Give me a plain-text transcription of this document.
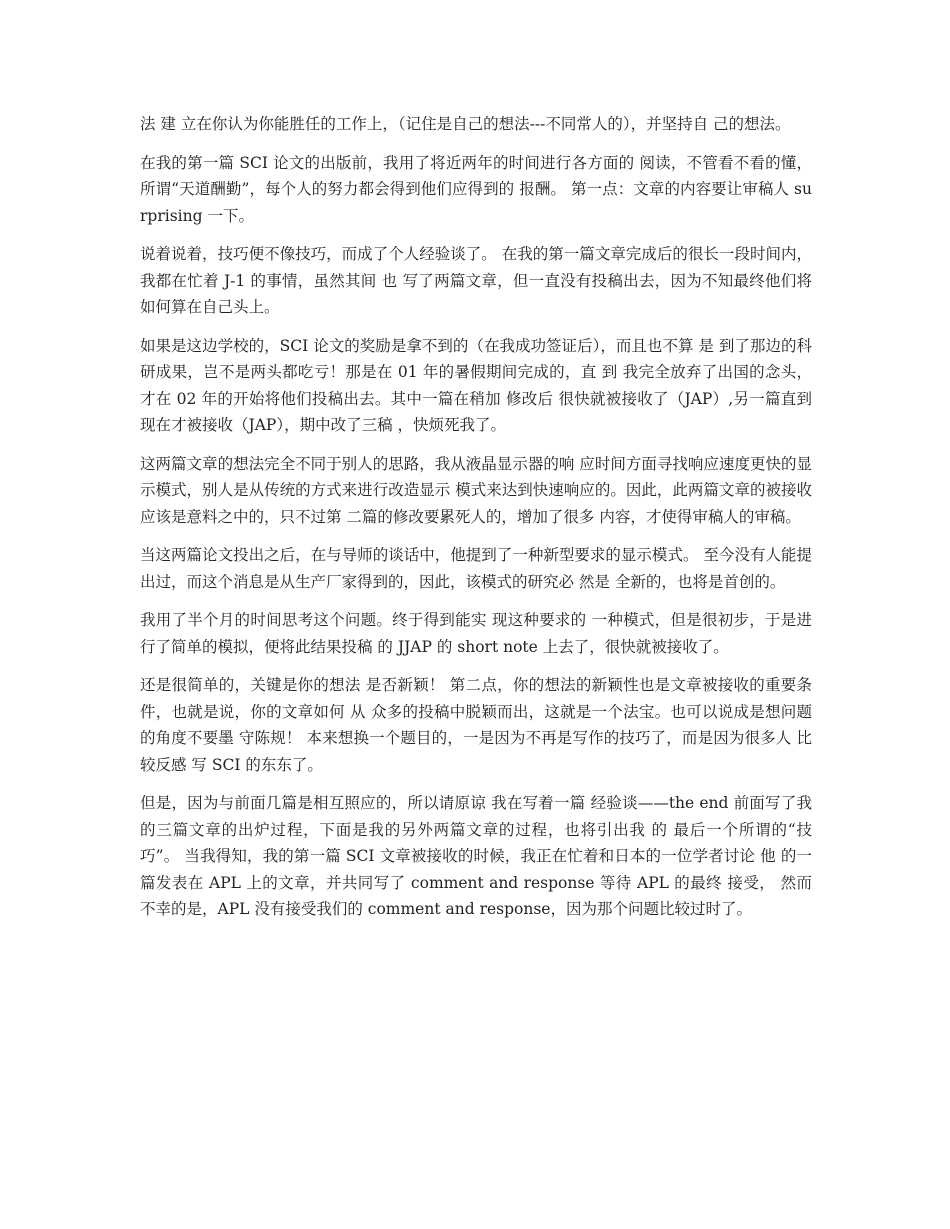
法 建 立在你认为你能胜任的工作上，（记住是自己的想法---不同常人的），并坚持自 己的想法。

在我的第一篇 SCI 论文的出版前，我用了将近两年的时间进行各方面的 阅读，不管看不看的懂，所谓“天道酬勤”，每个人的努力都会得到他们应得到的 报酬。 第一点：文章的内容要让审稿人 surprising 一下。

说着说着，技巧便不像技巧，而成了个人经验谈了。 在我的第一篇文章完成后的很长一段时间内，我都在忙着 J-1 的事情，虽然其间 也 写了两篇文章，但一直没有投稿出去，因为不知最终他们将如何算在自己头上。

如果是这边学校的，SCI 论文的奖励是拿不到的（在我成功签证后），而且也不算 是 到了那边的科研成果，岂不是两头都吃亏！那是在 01 年的暑假期间完成的，直 到 我完全放弃了出国的念头，才在 02 年的开始将他们投稿出去。其中一篇在稍加 修改后 很快就被接收了（JAP）,另一篇直到现在才被接收（JAP），期中改了三稿 ，快烦死我了。

这两篇文章的想法完全不同于别人的思路，我从液晶显示器的响 应时间方面寻找响应速度更快的显示模式，别人是从传统的方式来进行改造显示 模式来达到快速响应的。因此，此两篇文章的被接收应该是意料之中的，只不过第 二篇的修改要累死人的，增加了很多 内容，才使得审稿人的审稿。

当这两篇论文投出之后，在与导师的谈话中，他提到了一种新型要求的显示模式。 至今没有人能提出过，而这个消息是从生产厂家得到的，因此，该模式的研究必 然是 全新的，也将是首创的。

我用了半个月的时间思考这个问题。终于得到能实 现这种要求的 一种模式，但是很初步，于是进行了简单的模拟，便将此结果投稿 的 JJAP 的 short note 上去了，很快就被接收了。

还是很简单的，关键是你的想法 是否新颖！ 第二点，你的想法的新颖性也是文章被接收的重要条件，也就是说，你的文章如何 从 众多的投稿中脱颖而出，这就是一个法宝。也可以说成是想问题的角度不要墨 守陈规！ 本来想换一个题目的，一是因为不再是写作的技巧了，而是因为很多人 比较反感 写 SCI 的东东了。

但是，因为与前面几篇是相互照应的，所以请原谅 我在写着一篇 经验谈——the end 前面写了我的三篇文章的出炉过程，下面是我的另外两篇文章的过程，也将引出我 的 最后一个所谓的“技巧”。 当我得知，我的第一篇 SCI 文章被接收的时候，我正在忙着和日本的一位学者讨论 他 的一篇发表在 APL 上的文章，并共同写了 comment and response 等待 APL 的最终 接受， 然而不幸的是，APL 没有接受我们的 comment and response，因为那个问题比较过时了。
